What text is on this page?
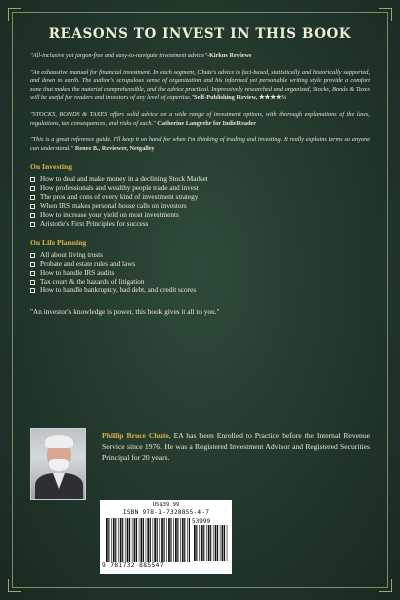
REASONS TO INVEST IN THIS BOOK

"All-inclusive yet jargon-free and easy-to-navigate investment advice"-Kirkus Reviews

"An exhaustive manual for financial investment. In each segment, Chute's advice is fact-based, statistically and historically supported, and down to earth. The author's scrupulous sense of organization and his informed yet personable writing style provide a comfort zone that makes the material comprehensible, and the advice practical. Impressively researched and organized, Stocks, Bonds & Taxes will be useful for readers and investors of any level of expertise."Self-Publishing Review, ★★★★½

"STOCKS, BONDS & TAXES offers solid advice on a wide range of investment options, with thorough explanations of the laws, regulations, tax consequences, and risks of each." Catherine Langrehr for IndieReader

"This is a great reference guide. I'll keep it on hand for when I'm thinking of trading and investing. It really explains terms so anyone can understand." Renee B., Reviewer, Netgalley

On Investing
How to deal and make money in a declining Stock Market
How professionals and wealthy people trade and invest
The pros and cons of every kind of investment strategy
When IRS makes personal house calls on investors
How to increase your yield on most investments
Aristotle's First Principles for success
On Life Planning
All about living trusts
Probate and estate rules and laws
How to handle IRS audits
Tax court & the hazards of litigation
How to handle bankruptcy, bad debt, and credit scores

"An investor's knowledge is power, this book gives it all to you."

Phillip Bruce Chute, EA has been Enrolled to Practice before the Internal Revenue Service since 1976. He was a Registered Investment Advisor and Registered Securities Principal for 20 years.
US$39.99
ISBN 978-1-7328855-4-7
53999
9 781732 885547
